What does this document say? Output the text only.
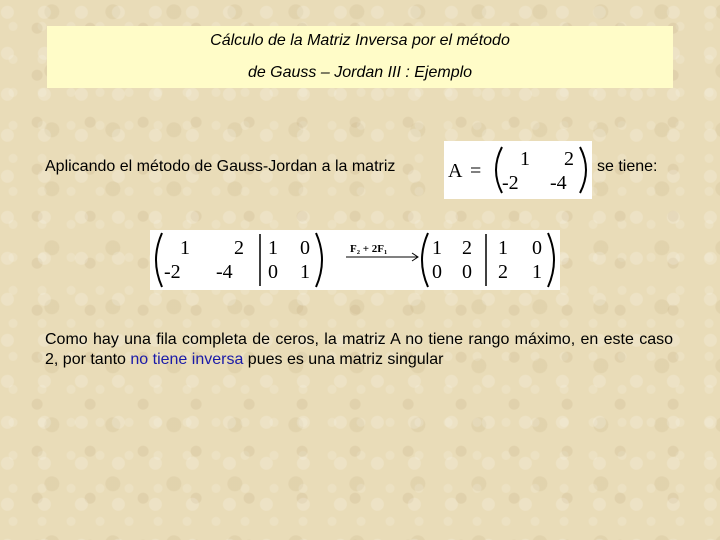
Cálculo de la Matriz Inversa por el método
de Gauss – Jordan III : Ejemplo
Aplicando el método de Gauss-Jordan a la matriz	A =
1 2
-2 -4
se tiene:
1 2 1 0
-2 -4 0 1
F₂ + 2F₁ 1 2 1 0
0 0 2 1
Como hay una fila completa de ceros, la matriz A no tiene rango máximo, en este caso 2, por tanto no tiene inversa pues es una matriz singular
